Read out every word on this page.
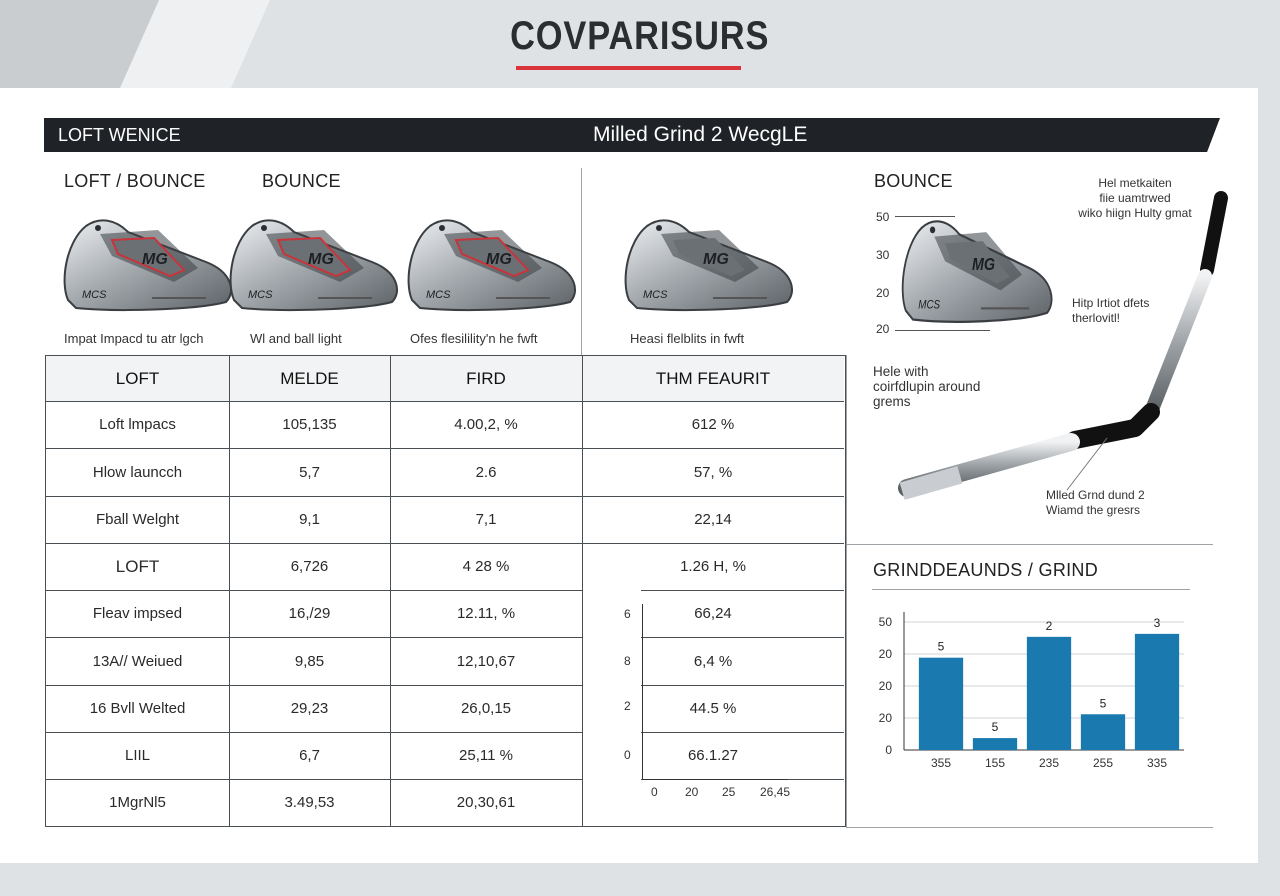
COVPARISURS
LOFT WENICE	Milled Grind 2 WecgLE
LOFT / BOUNCE	BOUNCE	BOUNCE
GRINDDEAUNDS / GRIND
MG
MCS
MG
MCS
MG
MCS
MG
MCS
Impat Impacd tu atr lgch	Wl and ball light	Ofes flesilility'n he fwft	Heasi flelblits in fwft
LOFT	MELDE	FIRD	THM FEAURIT
Loft lmpacs	105,135	4.00,2, %	612 %
Hlow launcch	5,7	2.6	57, %
Fball Welght	9,1	7,1	22,14
LOFT	6,726	4 28 %	1.26 H, %
Fleav impsed	16,/29	12.11, %	66,24
13A// Weiued	9,85	12,10,67	6,4 %
16 Bvll Welted	29,23	26,0,15	44.5 %
LIIL	6,7	25,11 %	66.1.27
1MgrNl5	3.49,53	20,30,61
6
8
2
0
0 20 25 26,45
50
30
20
20
MG
MCS
Hel metkaiten
fiie uamtrwed
wiko hiign Hulty gmat
Hitp Irtiot dfets
therlovitl!
Hele with
coirfdlupin around
grems
Mlled Grnd dund 2
Wiamd the gresrs
0
20
20
20
50
5
355
5
155
2
235
5
255
3
335
